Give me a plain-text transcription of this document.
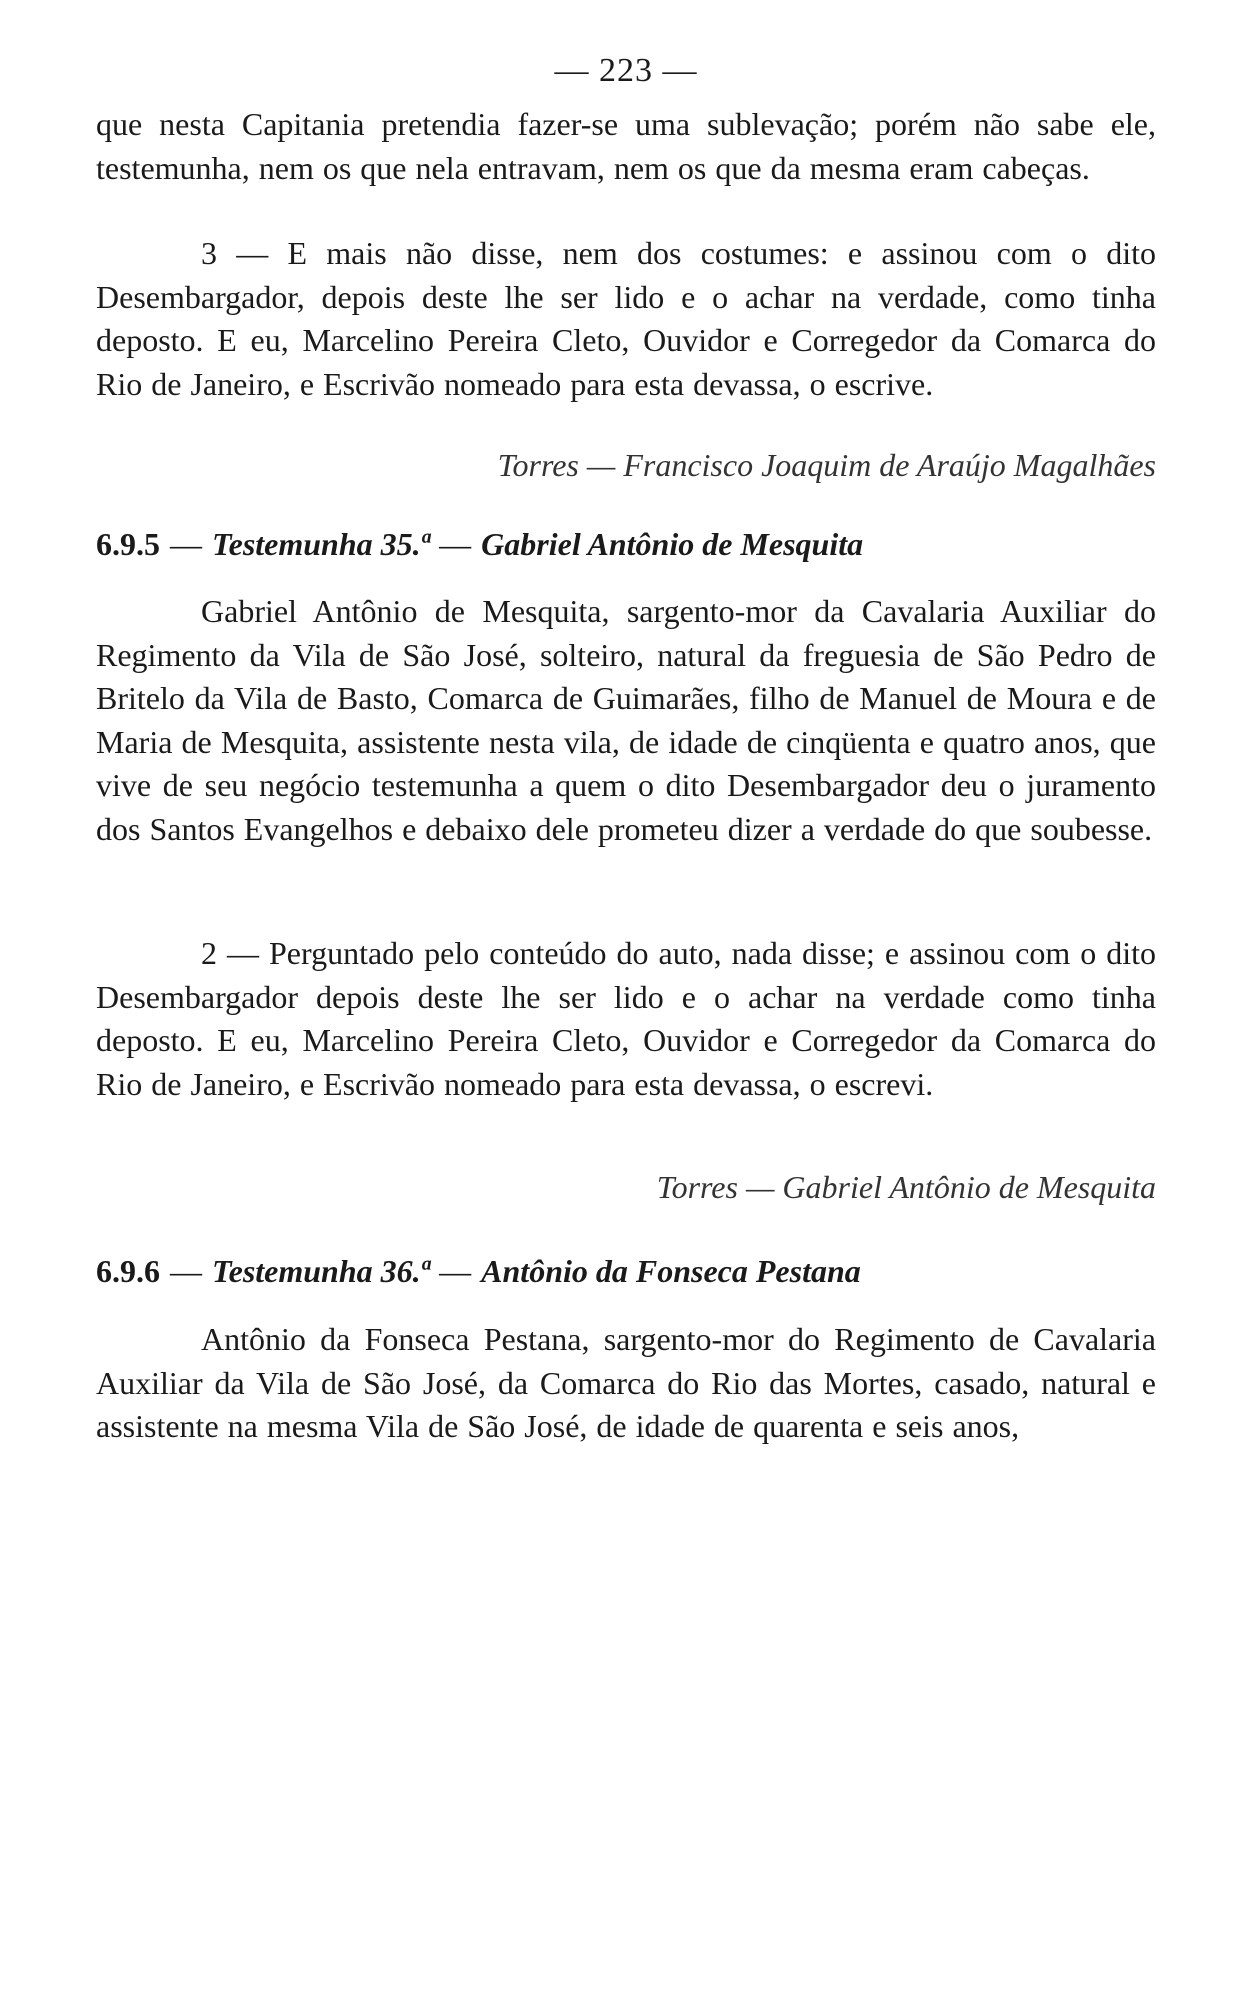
— 223 —

que nesta Capitania pretendia fazer-se uma sublevação; porém não sabe ele, testemunha, nem os que nela entravam, nem os que da mesma eram cabeças.

3 — E mais não disse, nem dos costumes: e assinou com o dito Desembargador, depois deste lhe ser lido e o achar na verdade, como tinha deposto. E eu, Marcelino Pereira Cleto, Ouvidor e Corregedor da Comarca do Rio de Janeiro, e Escrivão nomeado para esta devassa, o escrive.

Torres — Francisco Joaquim de Araújo Magalhães
6.9.5 — Testemunha 35.ª — Gabriel Antônio de Mesquita

Gabriel Antônio de Mesquita, sargento-mor da Cavalaria Auxiliar do Regimento da Vila de São José, solteiro, natural da freguesia de São Pedro de Britelo da Vila de Basto, Comarca de Guimarães, filho de Manuel de Moura e de Maria de Mesquita, assistente nesta vila, de idade de cinqüenta e quatro anos, que vive de seu negócio testemunha a quem o dito Desembargador deu o juramento dos Santos Evangelhos e debaixo dele prometeu dizer a verdade do que soubesse.

2 — Perguntado pelo conteúdo do auto, nada disse; e assinou com o dito Desembargador depois deste lhe ser lido e o achar na verdade como tinha deposto. E eu, Marcelino Pereira Cleto, Ouvidor e Corregedor da Comarca do Rio de Janeiro, e Escrivão nomeado para esta devassa, o escrevi.

Torres — Gabriel Antônio de Mesquita
6.9.6 — Testemunha 36.ª — Antônio da Fonseca Pestana

Antônio da Fonseca Pestana, sargento-mor do Regimento de Cavalaria Auxiliar da Vila de São José, da Comarca do Rio das Mortes, casado, natural e assistente na mesma Vila de São José, de idade de quarenta e seis anos,
